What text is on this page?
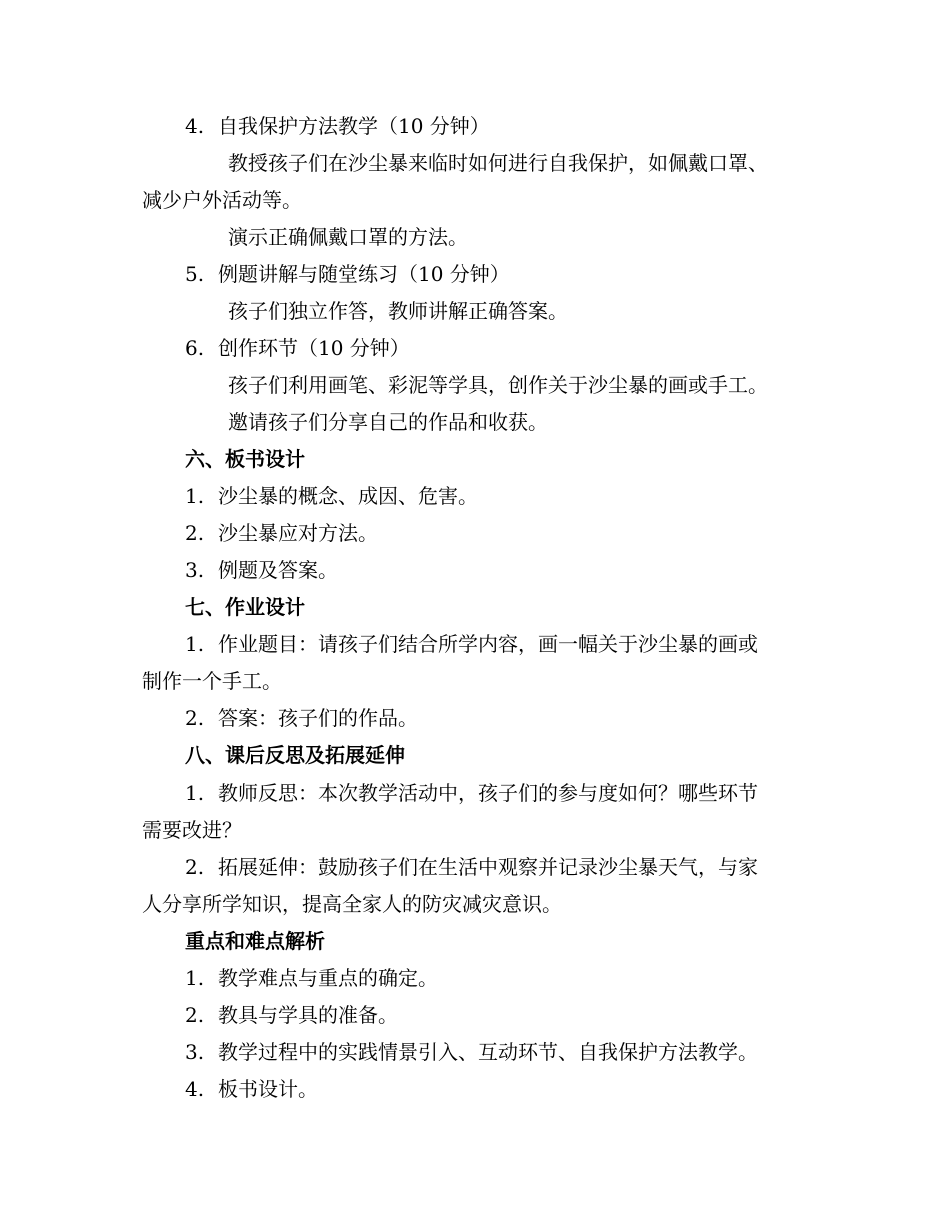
4. 自我保护方法教学（10 分钟）
教授孩子们在沙尘暴来临时如何进行自我保护，如佩戴口罩、
减少户外活动等。
演示正确佩戴口罩的方法。
5. 例题讲解与随堂练习（10 分钟）
孩子们独立作答，教师讲解正确答案。
6. 创作环节（10 分钟）
孩子们利用画笔、彩泥等学具，创作关于沙尘暴的画或手工。
邀请孩子们分享自己的作品和收获。
六、板书设计
1. 沙尘暴的概念、成因、危害。
2. 沙尘暴应对方法。
3. 例题及答案。
七、作业设计
1. 作业题目：请孩子们结合所学内容，画一幅关于沙尘暴的画或
制作一个手工。
2. 答案：孩子们的作品。
八、课后反思及拓展延伸
1. 教师反思：本次教学活动中，孩子们的参与度如何？哪些环节
需要改进？
2. 拓展延伸：鼓励孩子们在生活中观察并记录沙尘暴天气，与家
人分享所学知识，提高全家人的防灾减灾意识。
重点和难点解析
1. 教学难点与重点的确定。
2. 教具与学具的准备。
3. 教学过程中的实践情景引入、互动环节、自我保护方法教学。
4. 板书设计。
